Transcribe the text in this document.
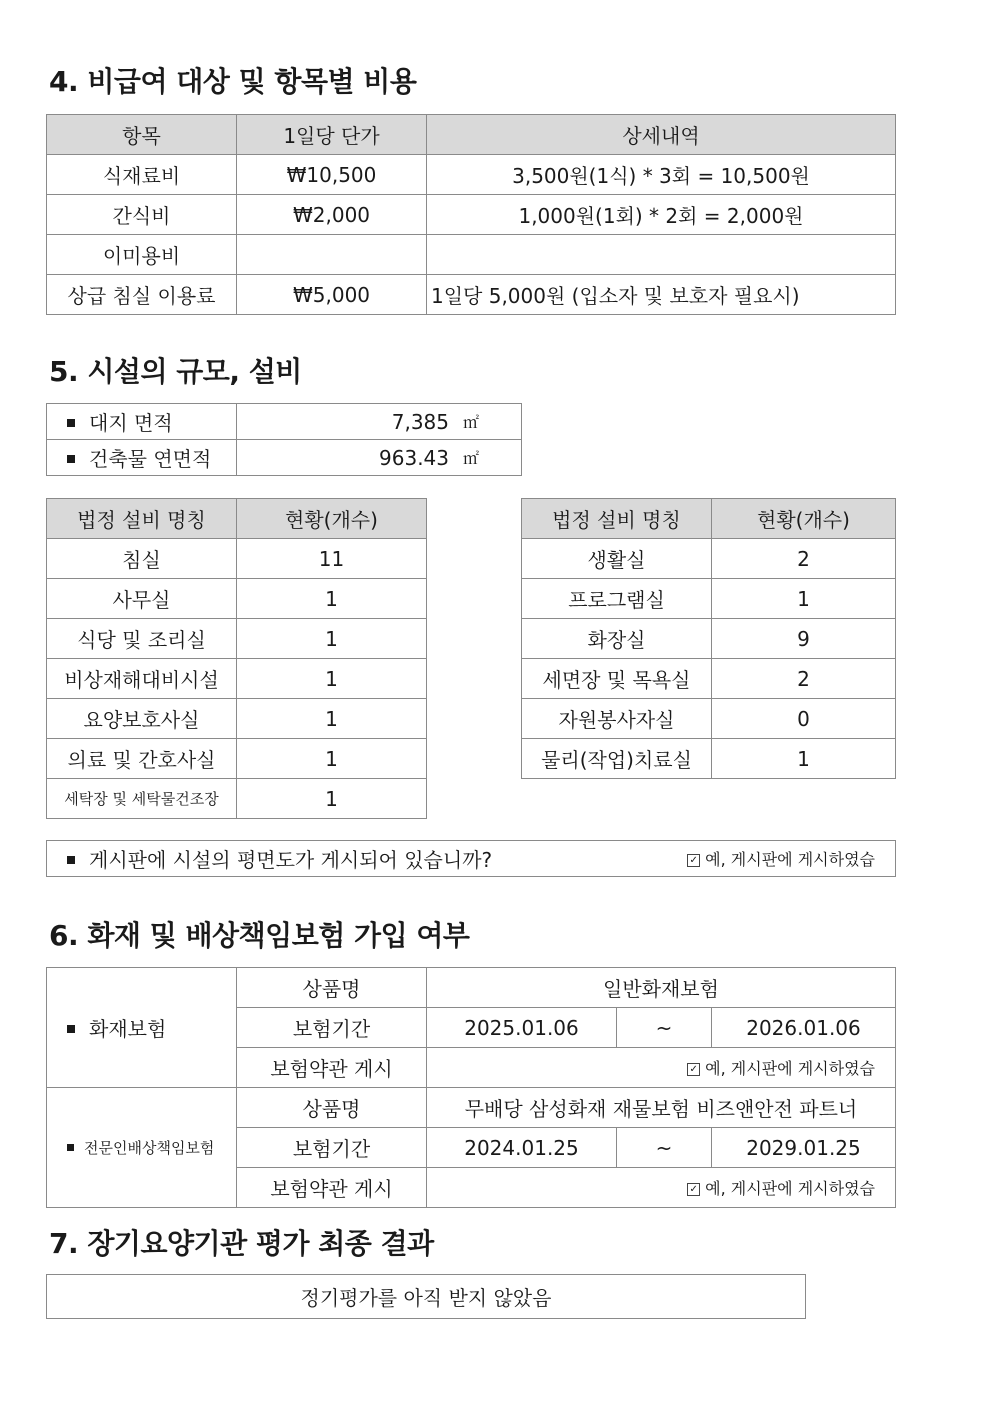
4. 비급여 대상 및 항목별 비용
항목	1일당 단가	상세내역
식재료비	₩10,500	3,500원(1식) * 3회 = 10,500원
간식비	₩2,000	1,000원(1회) * 2회 = 2,000원
이미용비		
상급 침실 이용료	₩5,000	1일당 5,000원 (입소자 및 보호자 필요시)
5. 시설의 규모, 설비
대지 면적	7,385 ㎡

건축물 연면적	963.43 ㎡
법정 설비 명칭	현황(개수)
침실	11
사무실	1
식당 및 조리실	1
비상재해대비시설	1
요양보호사실	1
의료 및 간호사실	1
세탁장 및 세탁물건조장	1
법정 설비 명칭	현황(개수)
생활실	2
프로그램실	1
화장실	9
세면장 및 목욕실	2
자원봉사자실	0
물리(작업)치료실	1
게시판에 시설의 평면도가 게시되어 있습니까?	✓ 예, 게시판에 게시하였습
6. 화재 및 배상책임보험 가입 여부
화재보험	상품명	일반화재보험		
	보험기간	2025.01.06	~	2026.01.06
	보험약관 게시	✓ 예, 게시판에 게시하였습		
전문인배상책임보험	상품명	무배당 삼성화재 재물보험 비즈앤안전 파트너		
	보험기간	2024.01.25	~	2029.01.25
	보험약관 게시	✓ 예, 게시판에 게시하였습		
7. 장기요양기관 평가 최종 결과
정기평가를 아직 받지 않았음
